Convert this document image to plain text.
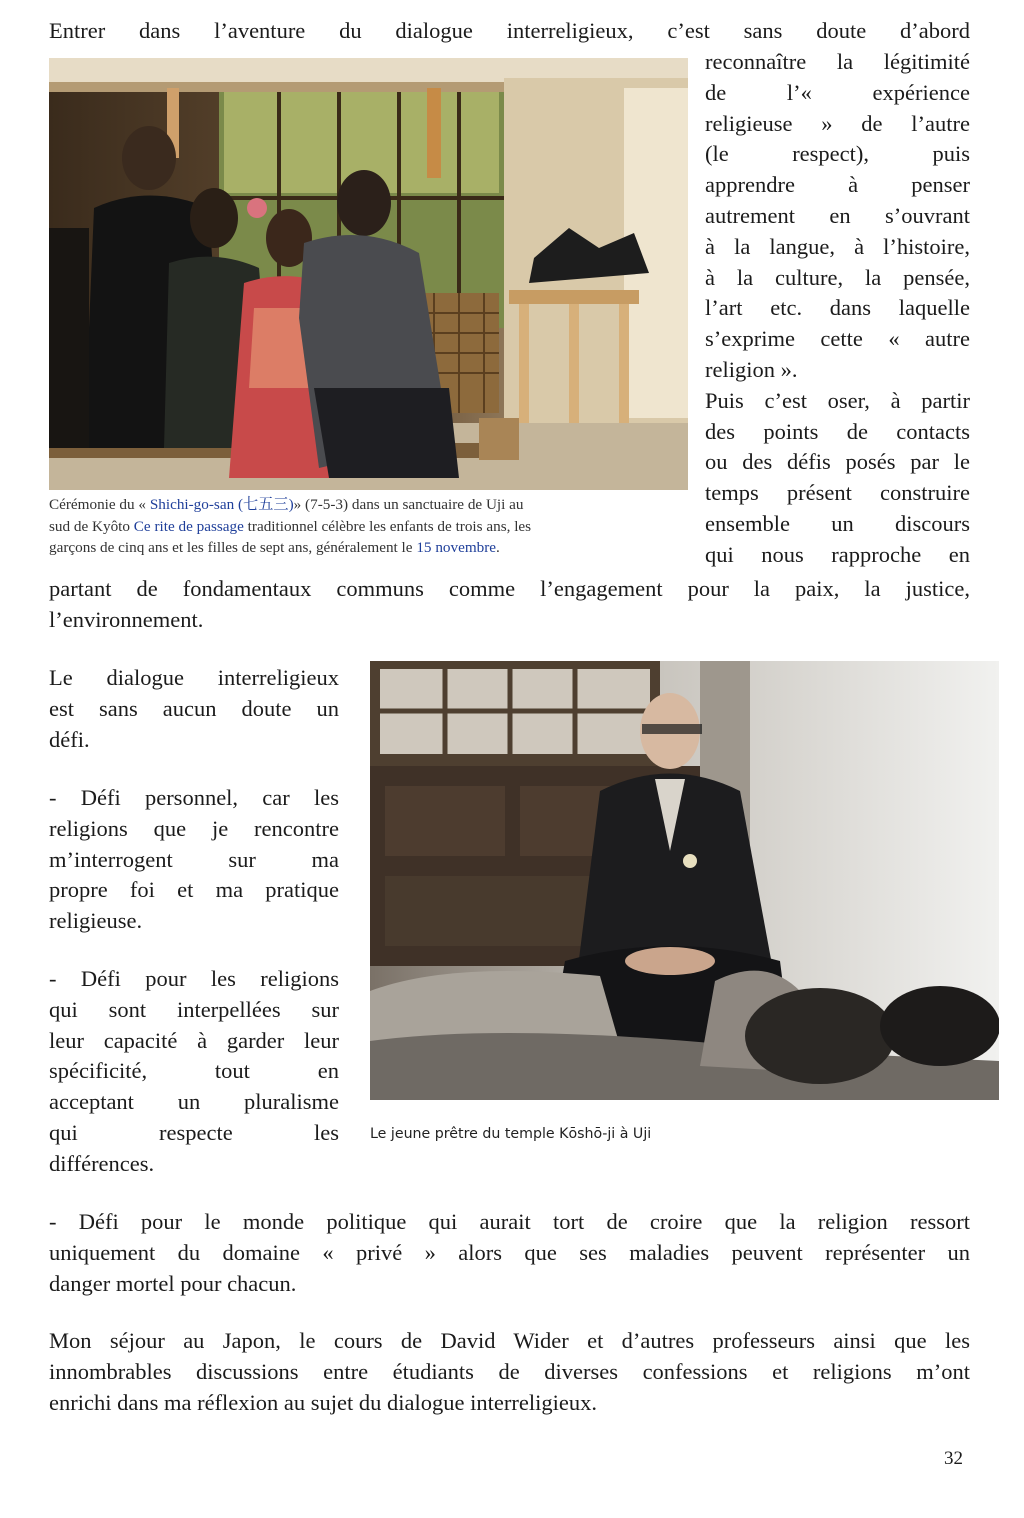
Entrer dans l’aventure du dialogue interreligieux, c’est sans doute d’abord
reconnaître la légitimité
de l’« expérience
religieuse » de l’autre
(le respect), puis
apprendre à penser
autrement en s’ouvrant
à la langue, à l’histoire,
à la culture, la pensée,
l’art etc. dans laquelle
s’exprime cette « autre
religion ».
Puis c’est oser, à partir
des points de contacts
ou des défis posés par le
temps présent construire
ensemble un discours
qui nous rapproche en
Cérémonie du « Shichi-go-san (七五三)» (7-5-3) dans un sanctuaire de Uji au
sud de Kyôto Ce rite de passage traditionnel célèbre les enfants de trois ans, les
garçons de cinq ans et les filles de sept ans, généralement le 15 novembre.
partant de fondamentaux communs comme l’engagement pour la paix, la justice,
l’environnement.
Le dialogue interreligieux
est sans aucun doute un
défi.
- Défi personnel, car les
religions que je rencontre
m’interrogent sur ma
propre foi et ma pratique
religieuse.
- Défi pour les religions
qui sont interpellées sur
leur capacité à garder leur
spécificité, tout en
acceptant un pluralisme
qui respecte les
différences.
Le jeune prêtre du temple Kōshō-ji à Uji
- Défi pour le monde politique qui aurait tort de croire que la religion ressort
uniquement du domaine « privé » alors que ses maladies peuvent représenter un
danger mortel pour chacun.
Mon séjour au Japon, le cours de David Wider et d’autres professeurs ainsi que les
innombrables discussions entre étudiants de diverses confessions et religions m’ont
enrichi dans ma réflexion au sujet du dialogue interreligieux.
32
